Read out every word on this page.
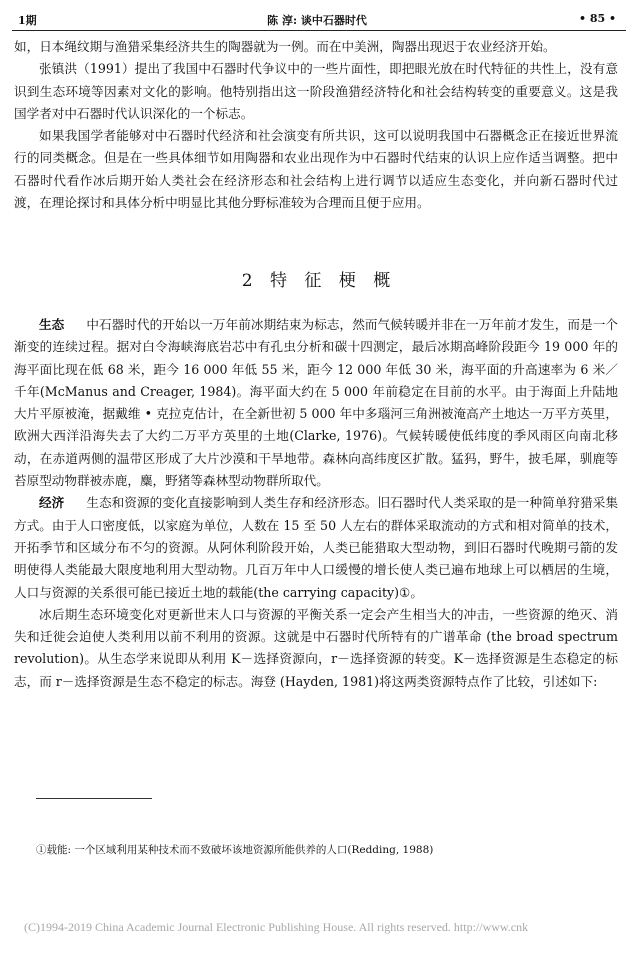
1期	陈 淳: 谈中石器时代	• 85 •

如，日本绳纹期与渔猎采集经济共生的陶器就为一例。而在中美洲，陶器出现迟于农业经济开始。

张镇洪（1991）提出了我国中石器时代争议中的一些片面性，即把眼光放在时代特征的共性上，没有意识到生态环境等因素对文化的影响。他特别指出这一阶段渔猎经济特化和社会结构转变的重要意义。这是我国学者对中石器时代认识深化的一个标志。

如果我国学者能够对中石器时代经济和社会演变有所共识，这可以说明我国中石器概念正在接近世界流行的同类概念。但是在一些具体细节如用陶器和农业出现作为中石器时代结束的认识上应作适当调整。把中石器时代看作冰后期开始人类社会在经济形态和社会结构上进行调节以适应生态变化，并向新石器时代过渡，在理论探讨和具体分析中明显比其他分野标准较为合理而且便于应用。

2 特 征 梗 概

生态 中石器时代的开始以一万年前冰期结束为标志，然而气候转暖并非在一万年前才发生，而是一个渐变的连续过程。据对白令海峡海底岩芯中有孔虫分析和碳十四测定，最后冰期高峰阶段距今 19 000 年的海平面比现在低 68 米，距今 16 000 年低 55 米，距今 12 000 年低 30 米，海平面的升高速率为 6 米／千年(McManus and Creager, 1984)。海平面大约在 5 000 年前稳定在目前的水平。由于海面上升陆地大片平原被淹，据戴维 • 克拉克估计，在全新世初 5 000 年中多瑙河三角洲被淹高产土地达一万平方英里，欧洲大西洋沿海失去了大约二万平方英里的土地(Clarke, 1976)。气候转暖使低纬度的季风雨区向南北移动，在赤道两侧的温带区形成了大片沙漠和干旱地带。森林向高纬度区扩散。猛犸，野牛，披毛犀，驯鹿等苔原型动物群被赤鹿，麋，野猪等森林型动物群所取代。

经济 生态和资源的变化直接影响到人类生存和经济形态。旧石器时代人类采取的是一种简单狩猎采集方式。由于人口密度低，以家庭为单位，人数在 15 至 50 人左右的群体采取流动的方式和相对简单的技术，开拓季节和区域分布不匀的资源。从阿休利阶段开始，人类已能猎取大型动物，到旧石器时代晚期弓箭的发明使得人类能最大限度地利用大型动物。几百万年中人口缓慢的增长使人类已遍布地球上可以栖居的生境，人口与资源的关系很可能已接近土地的载能(the carrying capacity)①。

冰后期生态环境变化对更新世末人口与资源的平衡关系一定会产生相当大的冲击，一些资源的绝灭、消失和迁徙会迫使人类利用以前不利用的资源。这就是中石器时代所特有的广谱革命 (the broad spectrum revolution)。从生态学来说即从利用 K－选择资源向，r－选择资源的转变。K－选择资源是生态稳定的标志，而 r－选择资源是生态不稳定的标志。海登 (Hayden, 1981)将这两类资源特点作了比较，引述如下:

①载能: 一个区域利用某种技术而不致破坏该地资源所能供养的人口(Redding, 1988)
(C)1994-2019 China Academic Journal Electronic Publishing House. All rights reserved. http://www.cnk
